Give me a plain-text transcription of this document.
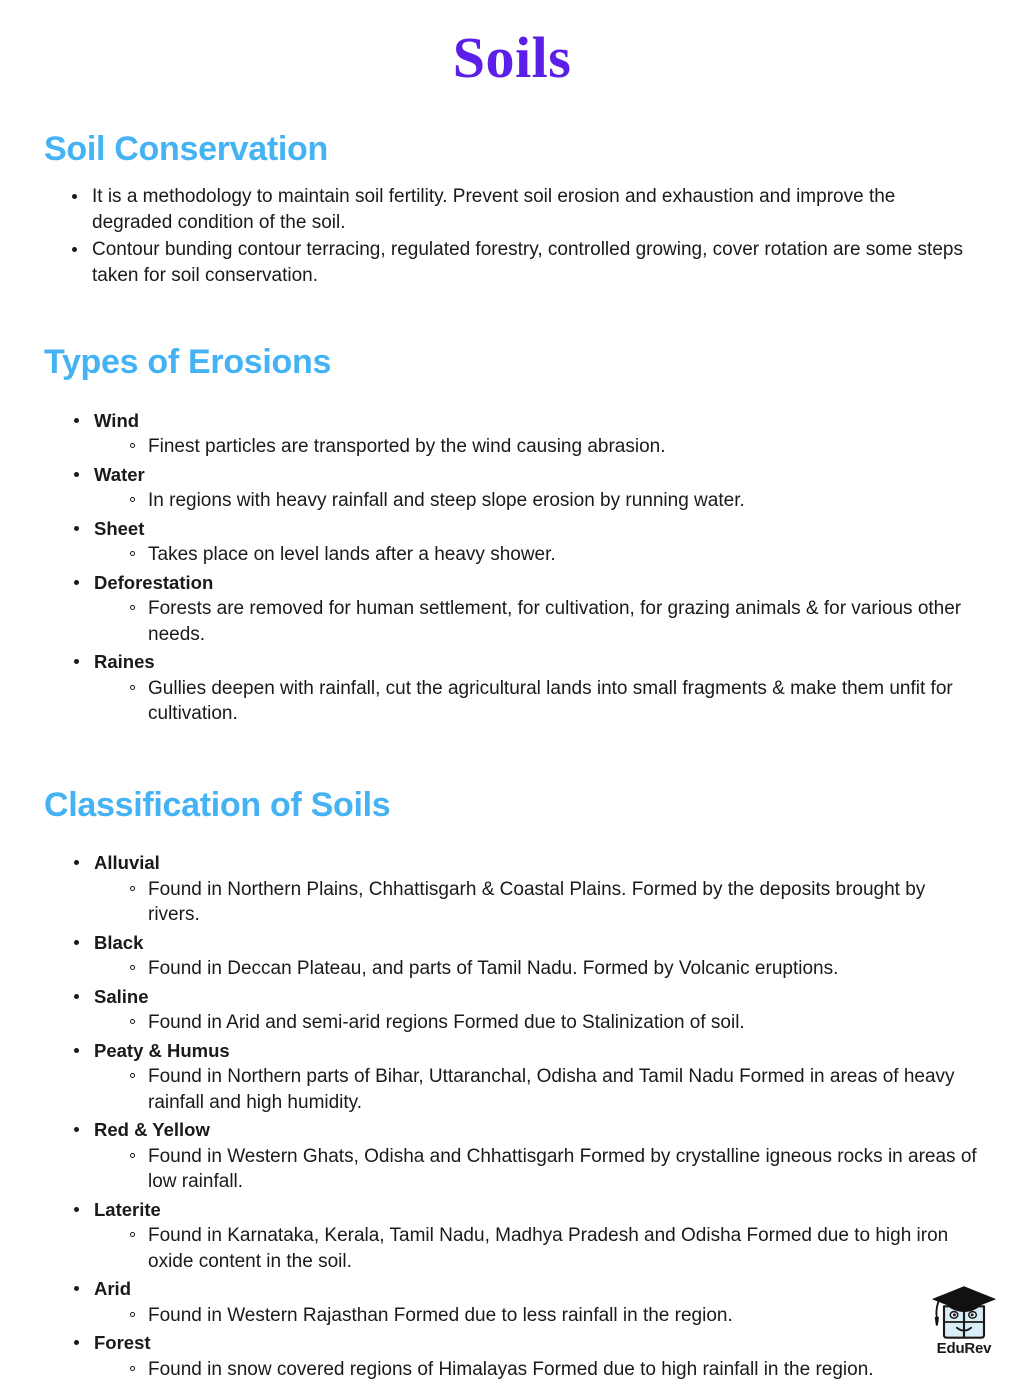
Soils
Soil Conservation
It is a methodology to maintain soil fertility. Prevent soil erosion and exhaustion and improve the degraded condition of the soil.
Contour bunding contour terracing, regulated forestry, controlled growing, cover rotation are some steps taken for soil conservation.
Types of Erosions
Wind
Finest particles are transported by the wind causing abrasion.
Water
In regions with heavy rainfall and steep slope erosion by running water.
Sheet
Takes place on level lands after a heavy shower.
Deforestation
Forests are removed for human settlement, for cultivation, for grazing animals & for various other needs.
Raines
Gullies deepen with rainfall, cut the agricultural lands into small fragments & make them unfit for cultivation.
Classification of Soils
Alluvial
Found in Northern Plains, Chhattisgarh & Coastal Plains. Formed by the deposits brought by rivers.
Black
Found in Deccan Plateau, and parts of Tamil Nadu. Formed by Volcanic eruptions.
Saline
Found in Arid and semi-arid regions Formed due to Stalinization of soil.
Peaty & Humus
Found in Northern parts of Bihar, Uttaranchal, Odisha and Tamil Nadu Formed in areas of heavy rainfall and high humidity.
Red & Yellow
Found in Western Ghats, Odisha and Chhattisgarh Formed by crystalline igneous rocks in areas of low rainfall.
Laterite
Found in Karnataka, Kerala, Tamil Nadu, Madhya Pradesh and Odisha Formed due to high iron oxide content in the soil.
Arid
Found in Western Rajasthan Formed due to less rainfall in the region.
Forest
Found in snow covered regions of Himalayas Formed due to high rainfall in the region.
EduRev
